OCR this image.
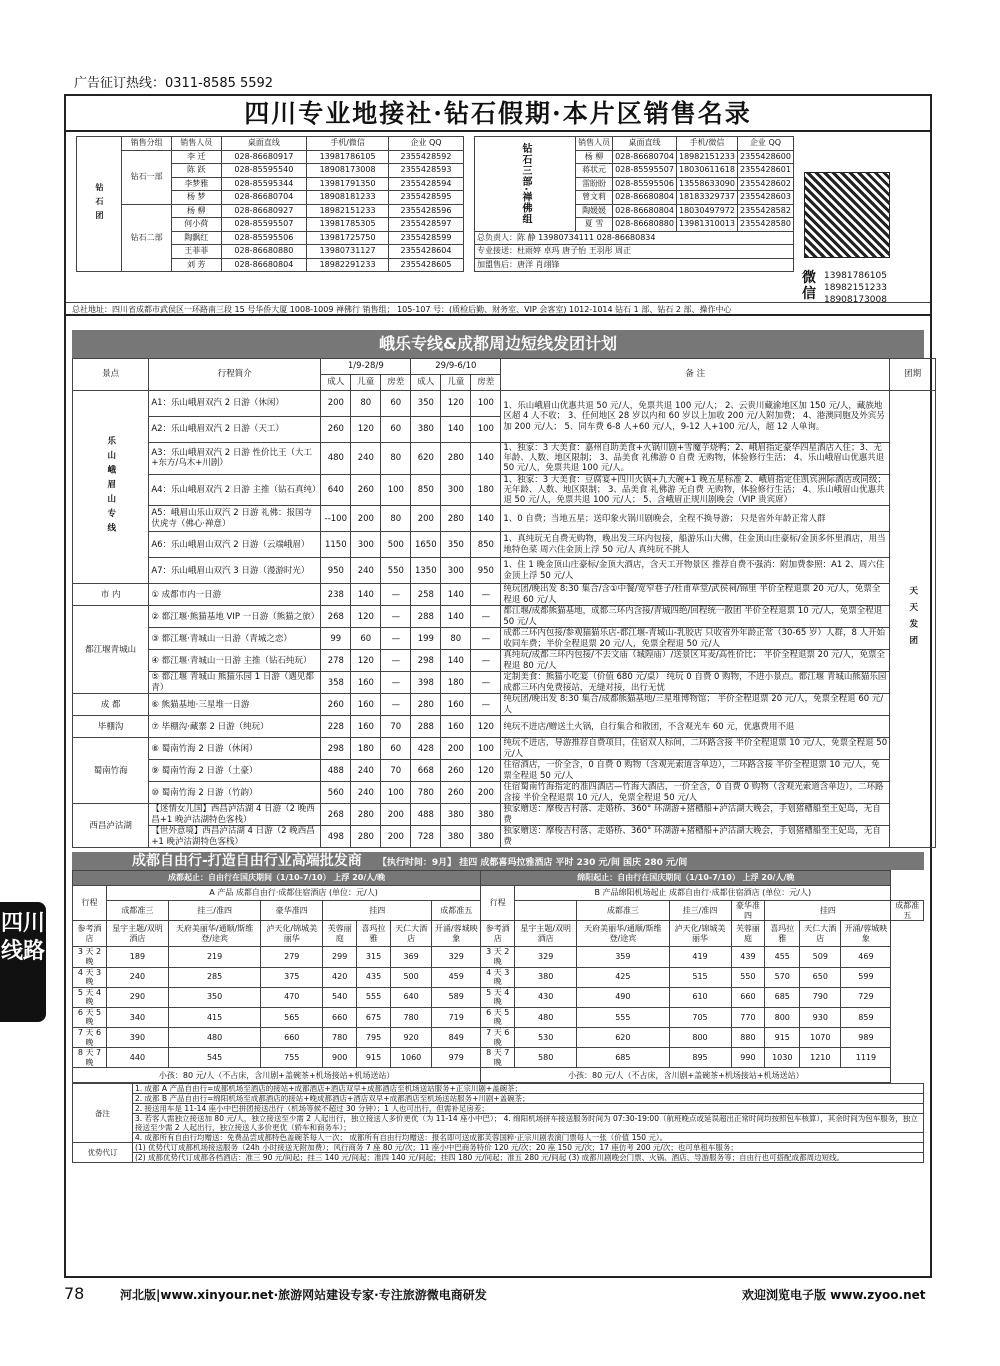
广告征订热线：0311-8585 5592
四川专业地接社·钻石假期·本片区销售名录
钻石团	销售分组	销售人员	桌面直线	手机/微信	企业 QQ
	钻石一部	李 迁	028-86680917	13981786105	2355428592
		陈 跃	028-85595540	18908173008	2355428593
		李梦雅	028-85595344	13981791350	2355428594
		杨 梦	028-86680704	18908181233	2355428595
	钻石二部	杨 柳	028-86680927	18982151233	2355428596
		何小荷	028-85595507	13981785305	2355428597
		陶飘红	028-85595506	13981725750	2355428599
		王菲菲	028-86680880	13980731127	2355428604
		刘 芳	028-86680804	18982291233	2355428605
钻石三部·禅佛组	销售人员	桌面直线	手机/微信	企业 QQ
	杨 柳	028-86680704	18982151233	2355428600
	蒋状元	028-85595507	18030611618	2355428601
	雷盼盼	028-85595506	13558633090	2355428602
	曾文莉	028-86680804	18183329737	2355428603
	陶媛媛	028-86680804	18030497972	2355428582
	夏 雪	028-86680880	13981310013	2355428580
总负责人：陈 静 13980734111 028-86680834				
专业接送：杜雨婷 卓玛 唐子怡 王羽彤 周正				
加盟售后：唐洋 肖翊锋				
微信
13981786105
18982151233
18908173008
总社地址：四川省成都市武侯区一环路南三段 15 号华侨大厦 1008-1009 禅佛行 销售组； 105-107 号：(质检后勤、财务室、VIP 会客室) 1012-1014 钻石 1 部、钻石 2 部、操作中心
峨乐专线&成都周边短线发团计划
景点	行程简介	1/9-28/9			29/9-6/10			备 注	团期
		成人	儿童	房差	成人	儿童	房差		
乐山峨眉山专线	A1：乐山峨眉双汽 2 日游（休闲）	200	80	60	350	120	100	1、乐山峨眉山优惠共退 50 元/人，免票共退 100 元/人； 2、云贵川藏渝地区加 150 元/人，藏族地区超 4 人不收； 3、任何地区 28 岁以内和 60 岁以上加收 200 元/人附加费； 4、港澳同胞及外宾另加 200 元/人； 5、同车费 6-8 人+60 元/人，9-12 人+100 元/人，超 12 人单询。	天天发团
	A2：乐山峨眉双汽 2 日游（天工）	260	120	60	380	140	100		
	A3：乐山峨眉双汽 2 日游 性价比王（大工+东方/乌木+川剧）	480	240	80	620	280	140	1、独家：3 大美食：嘉州自助美食+火锅川剧+雪魔芋烧鸭；2、峨眉指定豪华四星酒店入住；3、无年龄、人数、地区限制； 3、品美食 礼佛游 0 自费 无购物，体验修行生活； 4、乐山峨眉山优惠共退 50 元/人，免票共退 100 元/人。	
	A4：乐山峨眉双汽 2 日游 主推（钻石真纯）	640	260	100	850	300	180	1、独家：3 大美食：豆腐宴+四川火锅+九大碗+1 晚五星标准 2、峨眉指定住凯宾洲际酒店或同级；无年龄、人数、地区限制； 3、品美食 礼佛游 无自费 无购物，体验修行生活； 4、乐山峨眉山优惠共退 50 元/人，免票共退 100 元/人； 5、含峨眉正规川剧晚会（VIP 贵宾席）	
	A5：峨眉山乐山双汽 2 日游 礼佛：报国寺 伏虎寺（佛心·禅意）	--100	200	80	200	280	140	1、0 自费；当地五星；送印象火锅川剧晚会，全程不换导游； 只是省外年龄正常人群	
	A6：乐山峨眉山双汽 2 日游（云端峨眉）	1150	300	500	1650	350	850	1、真纯玩无自费无购物，晚出发三环内包接，船游乐山大佛，住金顶山庄豪标/金顶多怀里酒店，用当地特色菜 周六住金顶上浮 50 元/人 真纯玩不挑人	
	A7：乐山峨眉山双汽 3 日游（漫游时光）	950	240	550	1350	300	950	1、住 1 晚金顶山庄豪标/金顶大酒店，含天工开物景区 推荐自费不强消：附加费参照：A1 2、周六住金顶上浮 50 元/人	
市 内	① 成都市内一日游	238	140	—	258	140	—	纯玩团/晚出发 8:30 集合/含①中餐/宽窄巷子/杜甫草堂/武侯祠/锦里 半价全程退票 20 元/人，免票全程退 60 元/人	
都江堰青城山	② 都江堰·熊猫基地 VIP 一日游（熊猫之旅）	268	120	—	288	140	—	都江堰/成都熊猫基地，成都三环内含接/青城四绝/回程统一散团 半价全程退票 10 元/人，免票全程退 50 元/人	
	③ 都江堰·青城山一日游（青城之恋）	99	60	—	199	80	—	成都三环内包接/参观猫猫乐店-都江堰-青城山-乳胶店 只收省外年龄正常（30-65 岁）人群，8 人开始收同车费；半价全程退票 20 元/人，免票全程退 50 元/人	
	④ 都江堰·青城山一日游 主推（钻石纯玩）	278	120	—	298	140	—	真纯玩/成都三环内包接/不去文庙（城隍庙）/送景区耳麦/高性价比； 半价全程退票 20 元/人，免票全程退 80 元/人	
	⑤ 都江堰 青城山 熊猫乐园 1 日游（遇见都青）	358	160	—	398	180	—	定制美食：熊猫小吃宴（价值 680 元/桌） 纯玩 0 自费 0 购物，不进小景点。都江堰 青城山熊猫乐园 成都三环内免费接站，无缝对接，出行无忧	
成 都	⑥ 熊猫基地·三星堆一日游	260	160	—	280	160	—	纯玩团/晚出发 8:30 集合/成都熊猫基地/三星堆博物馆； 半价全程退票 20 元/人，免票全程退 60 元/人	
毕棚沟	⑦ 毕棚沟·藏寨 2 日游（纯玩）	228	160	70	288	160	120	纯玩不进店/赠送土火锅，自行集合和散团，不含观光车 60 元，优惠费用不退	
蜀南竹海	⑧ 蜀南竹海 2 日游（休闲）	298	180	60	428	200	100	纯玩不进店，导游推荐自费项目，住宿双人标间，二环路含接 半价全程退票 10 元/人，免票全程退 50 元/人	
	⑨ 蜀南竹海 2 日游（土豪）	488	240	70	668	260	120	住宿酒店，一价全含，0 自费 0 购物（含观光索道含单边），二环路含接 半价全程退票 10 元/人，免票全程退 50 元/人	
	⑩ 蜀南竹海 2 日游（竹韵）	560	240	100	780	260	200	住宿蜀南竹海指定的准四酒店—竹海大酒店，一价全含，0 自费 0 购物（含观光索道含单边），二环路含接 半价全程退票 10 元/人，免票全程退 50 元/人	
西昌泸沽湖	【迷情女儿国】西昌泸沽湖 4 日游（2 晚西昌+1 晚泸沽湖特色客栈）	268	280	200	488	380	380	独家赠送：摩梭吉村落、走婚桥、360° 环湖游+猪槽船+泸沽湖大晚会，手划猪槽船至王妃岛，无自费	
	【世外意境】西昌泸沽湖 4 日游（2 晚西昌+1 晚泸沽湖特色客栈）	498	280	200	728	380	380	独家赠送：摩梭吉村落、走婚桥、360° 环湖游+猪槽船+泸沽湖大晚会，手划猪槽船至王妃岛，无自费	
成都自由行-打造自由行业高端批发商 【执行时间：9月】 挂四 成都喜玛拉雅酒店 平时 230 元/间 国庆 280 元/间
成都起止：自由行在国庆期间（1/10-7/10） 上浮 20/人/晚								绵阳起止：自由行在国庆期间（1/10-7/10） 上浮 20/人/晚								
行程	A 产品 成都自由行·成都住宿酒店 (单位：元/人)							行程	B 产品绵阳机场起止 成都自由行·成都住宿酒店 (单位：元/人)							
	成都准三	挂三/准四	豪华准四	挂四			成都准五			成都准三	挂三/准四	豪华准四	挂四			成都准五
参考酒店	星宇主题/双明酒店	天府美丽华/通顺/斯维登/途宾	泸天化/锦城美丽华	芙蓉丽庭	喜玛拉雅	天仁大酒店	开涌/蓉城映象	参考酒店	星宇主题/双明酒店	天府美丽华/通顺/斯维登/途宾	泸天化/锦城美丽华	芙蓉丽庭	喜玛拉雅	天仁大酒店	开涌/蓉城映象	
3 天 2 晚	189	219	279	299	315	369	329	3 天 2 晚	329	359	419	439	455	509	469	
4 天 3 晚	240	285	375	420	435	500	459	4 天 3 晚	380	425	515	550	570	650	599	
5 天 4 晚	290	350	470	540	555	640	589	5 天 4 晚	430	490	610	660	685	790	729	
6 天 5 晚	340	415	565	660	675	780	719	6 天 5 晚	480	555	705	770	800	930	859	
7 天 6 晚	390	480	660	780	795	920	849	7 天 6 晚	530	620	800	880	915	1070	989	
8 天 7 晚	440	545	755	900	915	1060	979	8 天 7 晚	580	685	895	990	1030	1210	1119	
小孩：80 元/人（不占床，含川剧+盖碗茶+机场接站+机场送站）								小孩：80 元/人（不占床，含川剧+盖碗茶+机场接站+机场送站）								
备注	1. 成都 A 产品自由行=成都机场至酒店的接站+成都酒店+酒店双早+成都酒店至机场送站服务+正宗川剧+盖碗茶；
	2. 成都 B 产品自由行=绵阳机场至成都酒店的接站+晚成都酒店+酒店双早+成都酒店至机场送站服务+川剧+盖碗茶；
	2. 接送用车是 11-14 座小中巴拼团接送出行（机场等候不超过 30 分钟）；1 人也可出行，但需补足房差；
	3. 若客人需独立接送加 80 元/人，独立接送至少需 2 人起出行，独立接送人多价更优（为 11-14 座小中巴）； 4. 绵阳机场拼车接送服务时间为 07:30-19:00（航班晚点或延误超出正常时间均按照包车核算），其余时间为包车服务，独立接送至少需 2 人起出行，独立接送人多价更优（轿车和商务车）；
	4. 成都所有自由行均赠送：免费品尝成都特色盖碗茶每人一次； 成都所有自由行均赠送：报名即可送成都芙蓉国粹·正宗川剧表演门票每人一张（价值 150 元）。
优势代订	(1) 优势代订成都机场接送服务（24h 小时接送无附加费）；风行商务 7 座 80 元/次；11 座小中巴商务特价 120 元/次；20 座 150 元/次；17 座仿考 200 元/次；也可单租车服务；
	(2) 成都优势代订成都各档酒店：准三 90 元/间起；挂三 140 元/间起；准四 140 元/间起；挂四 180 元/间起；准五 280 元/间起 (3) 成都川剧晚会门票、火锅、酒店、导游服务等；自由行也可搭配成都周边短线。
78	河北版|www.xinyour.net·旅游网站建设专家·专注旅游微电商研发	欢迎浏览电子版 www.zyoo.net
四川
线路
